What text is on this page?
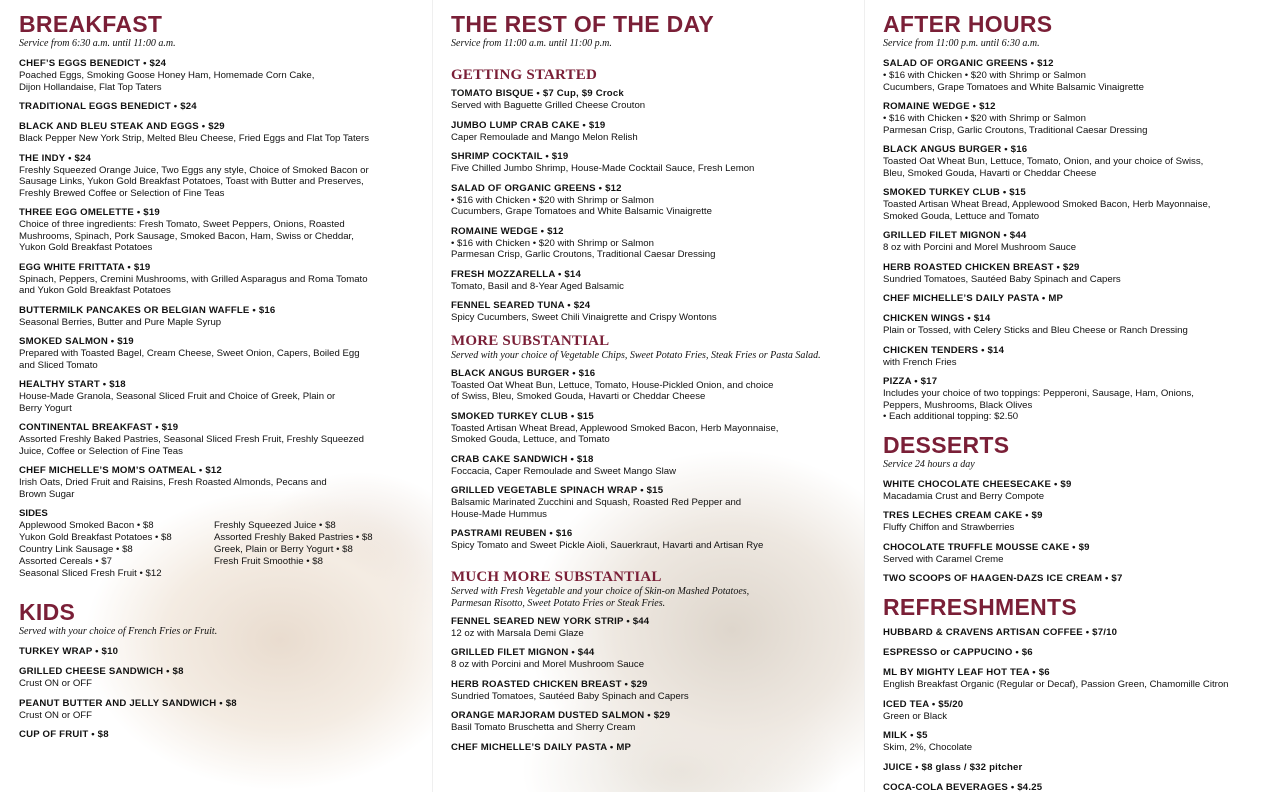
BREAKFAST
Service from 6:30 a.m. until 11:00 a.m.
CHEF’S EGGS BENEDICT • $24
Poached Eggs, Smoking Goose Honey Ham, Homemade Corn Cake,
Dijon Hollandaise, Flat Top Taters
TRADITIONAL EGGS BENEDICT • $24
BLACK AND BLEU STEAK AND EGGS • $29
Black Pepper New York Strip, Melted Bleu Cheese, Fried Eggs and Flat Top Taters
THE INDY • $24
Freshly Squeezed Orange Juice, Two Eggs any style, Choice of Smoked Bacon or
Sausage Links, Yukon Gold Breakfast Potatoes, Toast with Butter and Preserves,
Freshly Brewed Coffee or Selection of Fine Teas
THREE EGG OMELETTE • $19
Choice of three ingredients: Fresh Tomato, Sweet Peppers, Onions, Roasted
Mushrooms, Spinach, Pork Sausage, Smoked Bacon, Ham, Swiss or Cheddar,
Yukon Gold Breakfast Potatoes
EGG WHITE FRITTATA • $19
Spinach, Peppers, Cremini Mushrooms, with Grilled Asparagus and Roma Tomato
and Yukon Gold Breakfast Potatoes
BUTTERMILK PANCAKES OR BELGIAN WAFFLE • $16
Seasonal Berries, Butter and Pure Maple Syrup
SMOKED SALMON • $19
Prepared with Toasted Bagel, Cream Cheese, Sweet Onion, Capers, Boiled Egg
and Sliced Tomato
HEALTHY START • $18
House-Made Granola, Seasonal Sliced Fruit and Choice of Greek, Plain or
Berry Yogurt
CONTINENTAL BREAKFAST • $19
Assorted Freshly Baked Pastries, Seasonal Sliced Fresh Fruit, Freshly Squeezed
Juice, Coffee or Selection of Fine Teas
CHEF MICHELLE’S MOM’S OATMEAL • $12
Irish Oats, Dried Fruit and Raisins, Fresh Roasted Almonds, Pecans and
Brown Sugar
SIDES
Applewood Smoked Bacon • $8
Yukon Gold Breakfast Potatoes • $8
Country Link Sausage • $8
Assorted Cereals • $7
Seasonal Sliced Fresh Fruit • $12
Freshly Squeezed Juice • $8
Assorted Freshly Baked Pastries • $8
Greek, Plain or Berry Yogurt • $8
Fresh Fruit Smoothie • $8
KIDS
Served with your choice of French Fries or Fruit.
TURKEY WRAP • $10
GRILLED CHEESE SANDWICH • $8
Crust ON or OFF
PEANUT BUTTER AND JELLY SANDWICH • $8
Crust ON or OFF
CUP OF FRUIT • $8
THE REST OF THE DAY
Service from 11:00 a.m. until 11:00 p.m.
GETTING STARTED
TOMATO BISQUE • $7 Cup, $9 Crock
Served with Baguette Grilled Cheese Crouton
JUMBO LUMP CRAB CAKE • $19
Caper Remoulade and Mango Melon Relish
SHRIMP COCKTAIL • $19
Five Chilled Jumbo Shrimp, House-Made Cocktail Sauce, Fresh Lemon
SALAD OF ORGANIC GREENS • $12
• $16 with Chicken • $20 with Shrimp or Salmon
Cucumbers, Grape Tomatoes and White Balsamic Vinaigrette
ROMAINE WEDGE • $12
• $16 with Chicken • $20 with Shrimp or Salmon
Parmesan Crisp, Garlic Croutons, Traditional Caesar Dressing
FRESH MOZZARELLA • $14
Tomato, Basil and 8-Year Aged Balsamic
FENNEL SEARED TUNA • $24
Spicy Cucumbers, Sweet Chili Vinaigrette and Crispy Wontons
MORE SUBSTANTIAL
Served with your choice of Vegetable Chips, Sweet Potato Fries, Steak Fries or Pasta Salad.
BLACK ANGUS BURGER • $16
Toasted Oat Wheat Bun, Lettuce, Tomato, House-Pickled Onion, and choice
of Swiss, Bleu, Smoked Gouda, Havarti or Cheddar Cheese
SMOKED TURKEY CLUB • $15
Toasted Artisan Wheat Bread, Applewood Smoked Bacon, Herb Mayonnaise,
Smoked Gouda, Lettuce, and Tomato
CRAB CAKE SANDWICH • $18
Foccacia, Caper Remoulade and Sweet Mango Slaw
GRILLED VEGETABLE SPINACH WRAP • $15
Balsamic Marinated Zucchini and Squash, Roasted Red Pepper and
House-Made Hummus
PASTRAMI REUBEN • $16
Spicy Tomato and Sweet Pickle Aioli, Sauerkraut, Havarti and Artisan Rye
MUCH MORE SUBSTANTIAL
Served with Fresh Vegetable and your choice of Skin-on Mashed Potatoes,
Parmesan Risotto, Sweet Potato Fries or Steak Fries.
FENNEL SEARED NEW YORK STRIP • $44
12 oz with Marsala Demi Glaze
GRILLED FILET MIGNON • $44
8 oz with Porcini and Morel Mushroom Sauce
HERB ROASTED CHICKEN BREAST • $29
Sundried Tomatoes, Sautéed Baby Spinach and Capers
ORANGE MARJORAM DUSTED SALMON • $29
Basil Tomato Bruschetta and Sherry Cream
CHEF MICHELLE’S DAILY PASTA • MP
AFTER HOURS
Service from 11:00 p.m. until 6:30 a.m.
SALAD OF ORGANIC GREENS • $12
• $16 with Chicken • $20 with Shrimp or Salmon
Cucumbers, Grape Tomatoes and White Balsamic Vinaigrette
ROMAINE WEDGE • $12
• $16 with Chicken • $20 with Shrimp or Salmon
Parmesan Crisp, Garlic Croutons, Traditional Caesar Dressing
BLACK ANGUS BURGER • $16
Toasted Oat Wheat Bun, Lettuce, Tomato, Onion, and your choice of Swiss,
Bleu, Smoked Gouda, Havarti or Cheddar Cheese
SMOKED TURKEY CLUB • $15
Toasted Artisan Wheat Bread, Applewood Smoked Bacon, Herb Mayonnaise,
Smoked Gouda, Lettuce and Tomato
GRILLED FILET MIGNON • $44
8 oz with Porcini and Morel Mushroom Sauce
HERB ROASTED CHICKEN BREAST • $29
Sundried Tomatoes, Sautéed Baby Spinach and Capers
CHEF MICHELLE’S DAILY PASTA • MP
CHICKEN WINGS • $14
Plain or Tossed, with Celery Sticks and Bleu Cheese or Ranch Dressing
CHICKEN TENDERS • $14
with French Fries
PIZZA • $17
Includes your choice of two toppings: Pepperoni, Sausage, Ham, Onions,
Peppers, Mushrooms, Black Olives
• Each additional topping: $2.50
DESSERTS
Service 24 hours a day
WHITE CHOCOLATE CHEESECAKE • $9
Macadamia Crust and Berry Compote
TRES LECHES CREAM CAKE • $9
Fluffy Chiffon and Strawberries
CHOCOLATE TRUFFLE MOUSSE CAKE • $9
Served with Caramel Creme
TWO SCOOPS OF HAAGEN-DAZS ICE CREAM • $7
REFRESHMENTS
HUBBARD & CRAVENS ARTISAN COFFEE • $7/10
ESPRESSO or CAPPUCINO • $6
ML BY MIGHTY LEAF HOT TEA • $6
English Breakfast Organic (Regular or Decaf), Passion Green, Chamomille Citron
ICED TEA • $5/20
Green or Black
MILK • $5
Skim, 2%, Chocolate
JUICE • $8 glass / $32 pitcher
COCA-COLA BEVERAGES • $4.25
